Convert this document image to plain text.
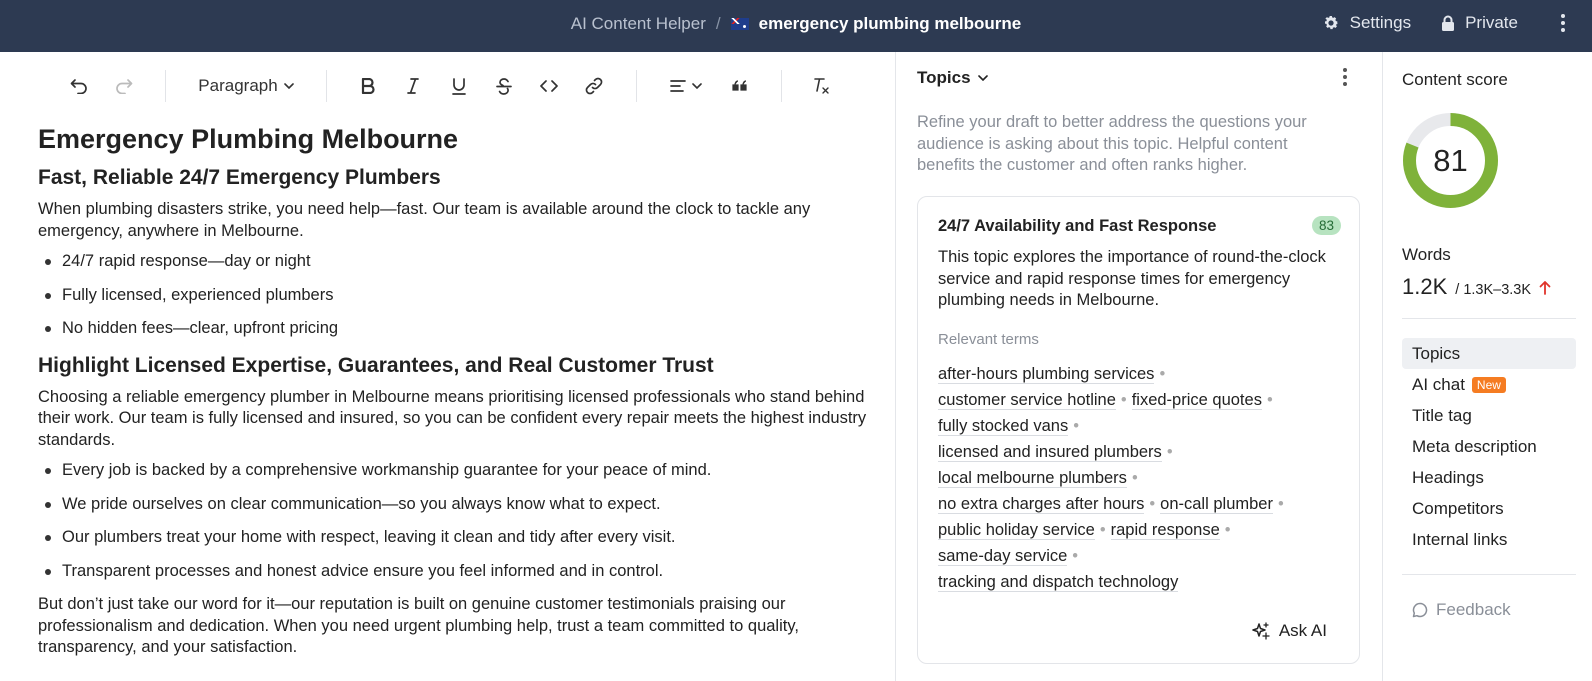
AI Content Helper / emergency plumbing melbourne	Settings	Private
Paragraph
Emergency Plumbing Melbourne
Fast, Reliable 24/7 Emergency Plumbers

When plumbing disasters strike, you need help—fast. Our team is available around the clock to tackle any emergency, anywhere in Melbourne.

24/7 rapid response—day or night
Fully licensed, experienced plumbers
No hidden fees—clear, upfront pricing
Highlight Licensed Expertise, Guarantees, and Real Customer Trust

Choosing a reliable emergency plumber in Melbourne means prioritising licensed professionals who stand behind their work. Our team is fully licensed and insured, so you can be confident every repair meets the highest industry standards.

Every job is backed by a comprehensive workmanship guarantee for your peace of mind.
We pride ourselves on clear communication—so you always know what to expect.
Our plumbers treat your home with respect, leaving it clean and tidy after every visit.
Transparent processes and honest advice ensure you feel informed and in control.

But don’t just take our word for it—our reputation is built on genuine customer testimonials praising our professionalism and dedication. When you need urgent plumbing help, trust a team committed to quality, transparency, and your satisfaction.

Topics
Refine your draft to better address the questions your audience is asking about this topic. Helpful content benefits the customer and often ranks higher.
24/7 Availability and Fast Response	83
This topic explores the importance of round-the-clock service and rapid response times for emergency plumbing needs in Melbourne.
Relevant terms
after-hours plumbing services •
customer service hotline • fixed-price quotes •
fully stocked vans •
licensed and insured plumbers •
local melbourne plumbers •
no extra charges after hours • on-call plumber •
public holiday service • rapid response •
same-day service •
tracking and dispatch technology
Ask AI
Content score
81
Words
1.2K / 1.3K–3.3K
Topics
AI chat	New
Title tag
Meta description
Headings
Competitors
Internal links
Feedback
